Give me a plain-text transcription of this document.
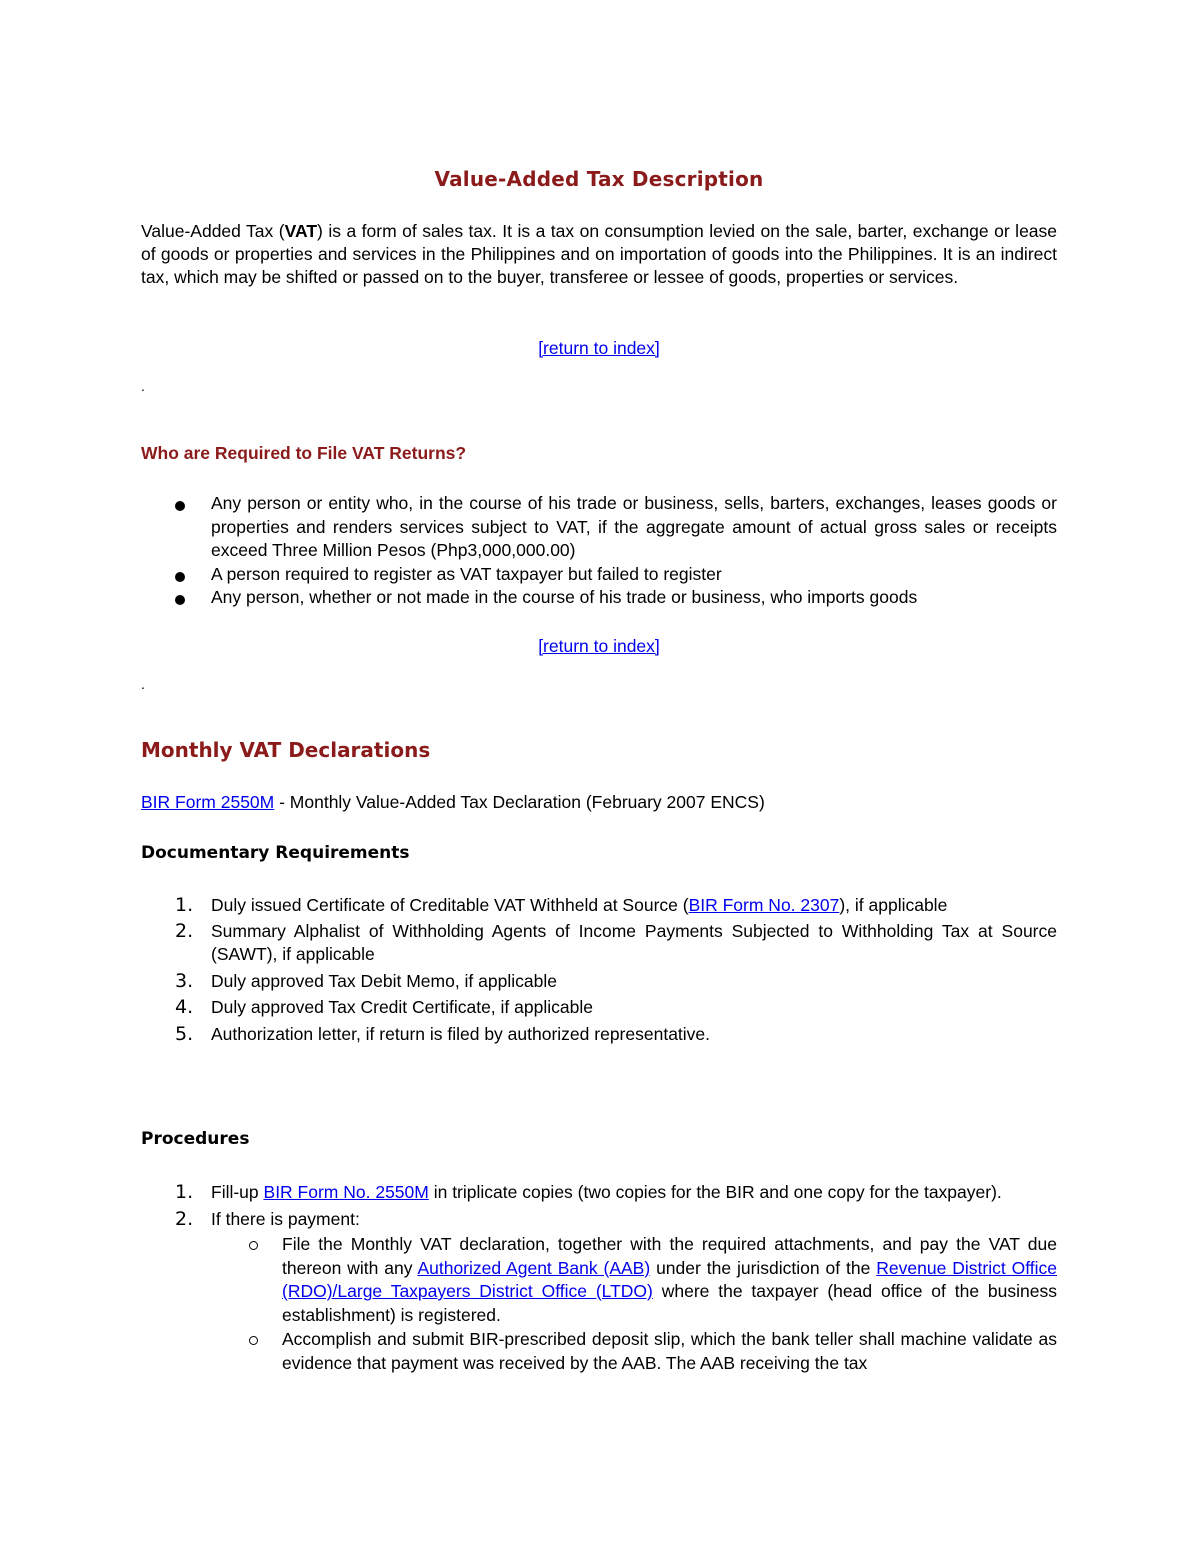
Value-Added Tax Description
Value-Added Tax (VAT) is a form of sales tax. It is a tax on consumption levied on the sale, barter, exchange or lease of goods or properties and services in the Philippines and on importation of goods into the Philippines. It is an indirect tax, which may be shifted or passed on to the buyer, transferee or lessee of goods, properties or services.
[return to index]
.
Who are Required to File VAT Returns?
Any person or entity who, in the course of his trade or business, sells, barters, exchanges, leases goods or properties and renders services subject to VAT, if the aggregate amount of actual gross sales or receipts exceed Three Million Pesos (Php3,000,000.00)
A person required to register as VAT taxpayer but failed to register
Any person, whether or not made in the course of his trade or business, who imports goods
[return to index]
.
Monthly VAT Declarations
BIR Form 2550M - Monthly Value-Added Tax Declaration (February 2007 ENCS)
Documentary Requirements
1. Duly issued Certificate of Creditable VAT Withheld at Source (BIR Form No. 2307), if applicable
2. Summary Alphalist of Withholding Agents of Income Payments Subjected to Withholding Tax at Source (SAWT), if applicable
3. Duly approved Tax Debit Memo, if applicable
4. Duly approved Tax Credit Certificate, if applicable
5. Authorization letter, if return is filed by authorized representative.
Procedures
1. Fill-up BIR Form No. 2550M in triplicate copies (two copies for the BIR and one copy for the taxpayer).
2. If there is payment:
File the Monthly VAT declaration, together with the required attachments, and pay the VAT due thereon with any Authorized Agent Bank (AAB) under the jurisdiction of the Revenue District Office (RDO)/Large Taxpayers District Office (LTDO) where the taxpayer (head office of the business establishment) is registered.
Accomplish and submit BIR-prescribed deposit slip, which the bank teller shall machine validate as evidence that payment was received by the AAB. The AAB receiving the tax
